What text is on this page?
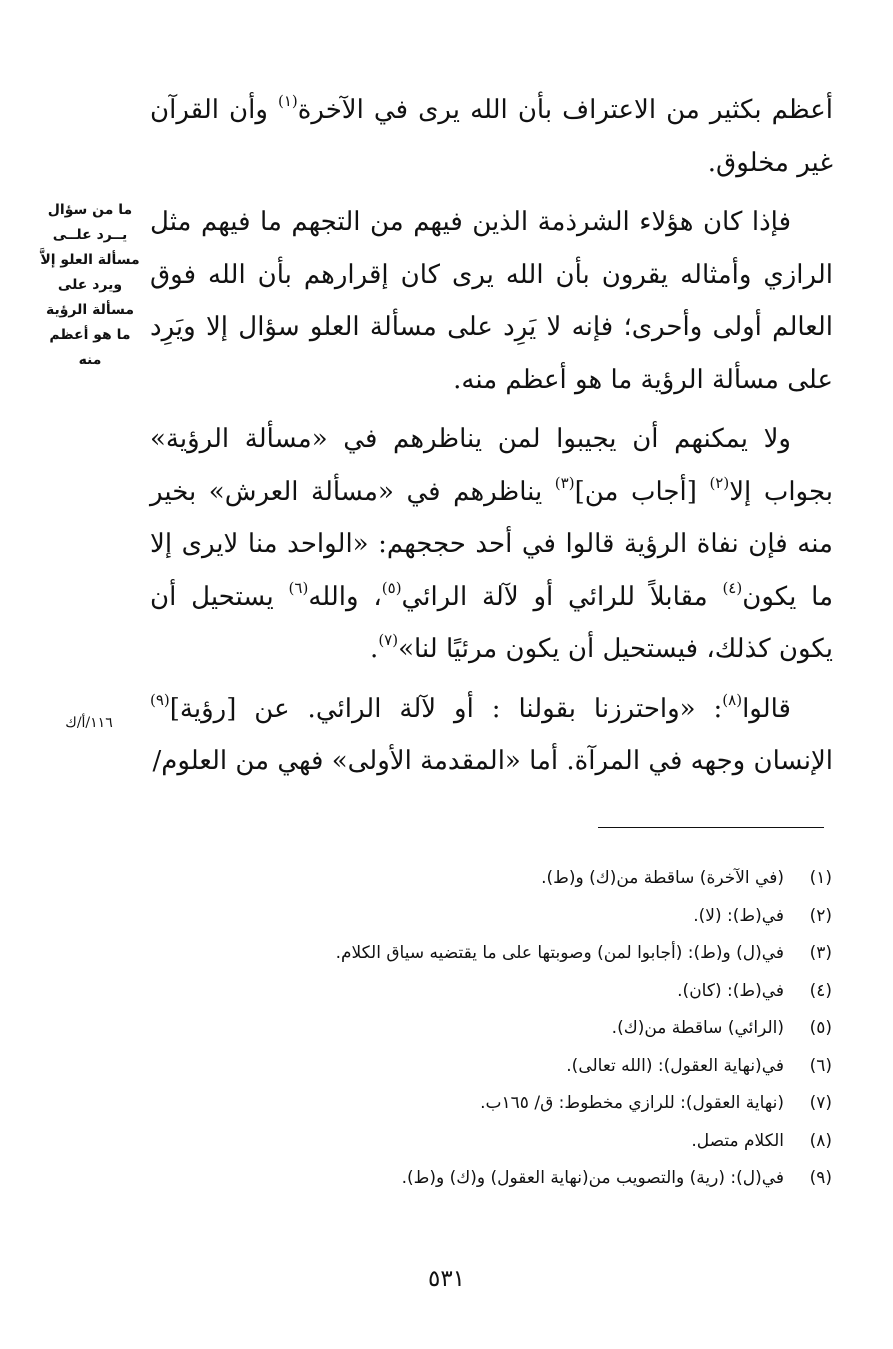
أعظم بكثير من الاعتراف بأن الله يرى في الآخرة$^{(١)}$ وأن القرآن غير مخلوق.

فإذا كان هؤلاء الشرذمة الذين فيهم من التجهم ما فيهم مثل الرازي وأمثاله يقرون بأن الله يرى كان إقرارهم بأن الله فوق العالم أولى وأحرى؛ فإنه لا يَرِد على مسألة العلو سؤال إلا ويَرِد على مسألة الرؤية ما هو أعظم منه.

ولا يمكنهم أن يجيبوا لمن يناظرهم في «مسألة الرؤية» بجواب إلا$^{(٢)}$ [أجاب من]$^{(٣)}$ يناظرهم في «مسألة العرش» بخير منه فإن نفاة الرؤية قالوا في أحد حججهم: «الواحد منا لايرى إلا ما يكون$^{(٤)}$ مقابلاً للرائي أو لآلة الرائي$^{(٥)}$، والله$^{(٦)}$ يستحيل أن يكون كذلك، فيستحيل أن يكون مرئيًا لنا»$^{(٧)}$.

قالوا$^{(٨)}$: «واحترزنا بقولنا : أو لآلة الرائي. عن [رؤية]$^{(٩)}$ الإنسان وجهه في المرآة. أما «المقدمة الأولى» فهي من العلوم/

ما من سؤال يــرد علــى مسألة العلو إلاَّ ويرد على مسألة الرؤية ما هو أعظم منه
١١٦/أ/ك
(١)(في الآخرة) ساقطة من(ك) و(ط).
(٢)في(ط): (لا).
(٣)في(ل) و(ط): (أجابوا لمن) وصوبتها على ما يقتضيه سياق الكلام.
(٤)في(ط): (كان).
(٥)(الرائي) ساقطة من(ك).
(٦)في(نهاية العقول): (الله تعالى).
(٧)(نهاية العقول): للرازي مخطوط: ق/ ١٦٥ب.
(٨)الكلام متصل.
(٩)في(ل): (رية) والتصويب من(نهاية العقول) و(ك) و(ط).
٥٣١
